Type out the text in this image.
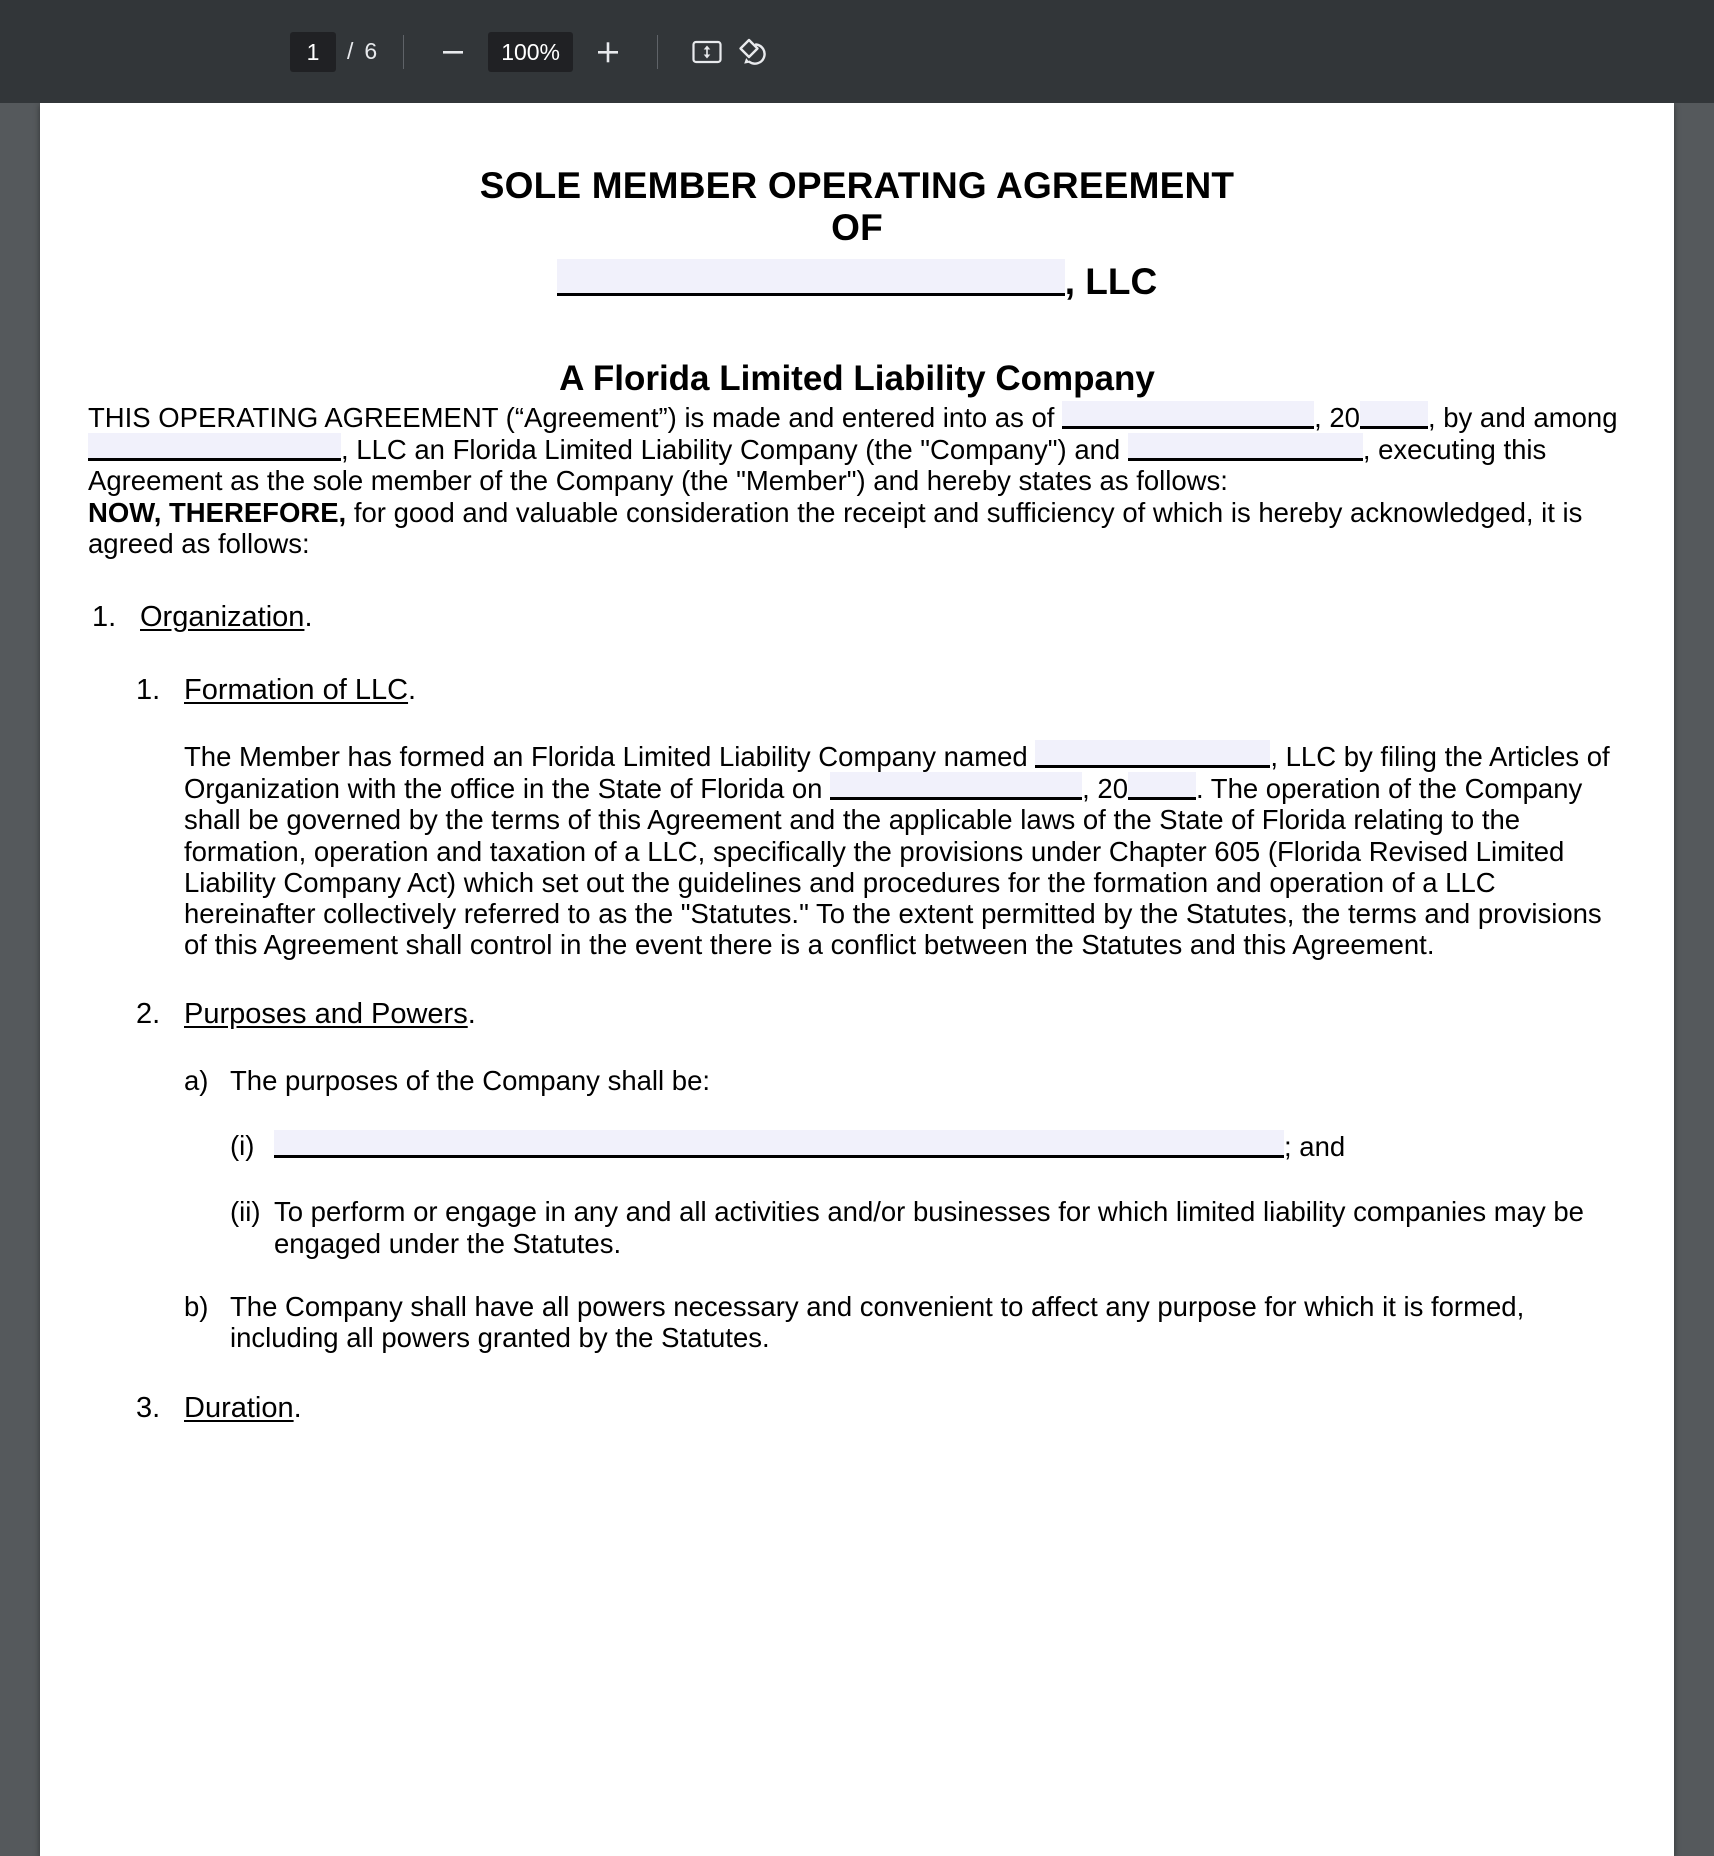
1	/ 6	100%
SOLE MEMBER OPERATING AGREEMENT
OF
, LLC
A Florida Limited Liability Company

THIS OPERATING AGREEMENT (“Agreement”) is made and entered into as of	, 20 , by and among , LLC an Florida Limited Liability Company (the "Company") and	, executing this Agreement as the sole member of the Company (the "Member") and hereby states as follows:

NOW, THEREFORE, for good and valuable consideration the receipt and sufficiency of which is hereby acknowledged, it is agreed as follows:

1. Organization.
1. Formation of LLC.
The Member has formed an Florida Limited Liability Company named	, LLC by filing the Articles of Organization with the office in the State of Florida on	, 20 . The operation of the Company shall be governed by the terms of this Agreement and the applicable laws of the State of Florida relating to the formation, operation and taxation of a LLC, specifically the provisions under Chapter 605 (Florida Revised Limited Liability Company Act) which set out the guidelines and procedures for the formation and operation of a LLC hereinafter collectively referred to as the "Statutes." To the extent permitted by the Statutes, the terms and provisions of this Agreement shall control in the event there is a conflict between the Statutes and this Agreement.
2. Purposes and Powers.
a) The purposes of the Company shall be:
(i)	; and
(ii) To perform or engage in any and all activities and/or businesses for which limited liability companies may be engaged under the Statutes.
b) The Company shall have all powers necessary and convenient to affect any purpose for which it is formed, including all powers granted by the Statutes.
3. Duration.
